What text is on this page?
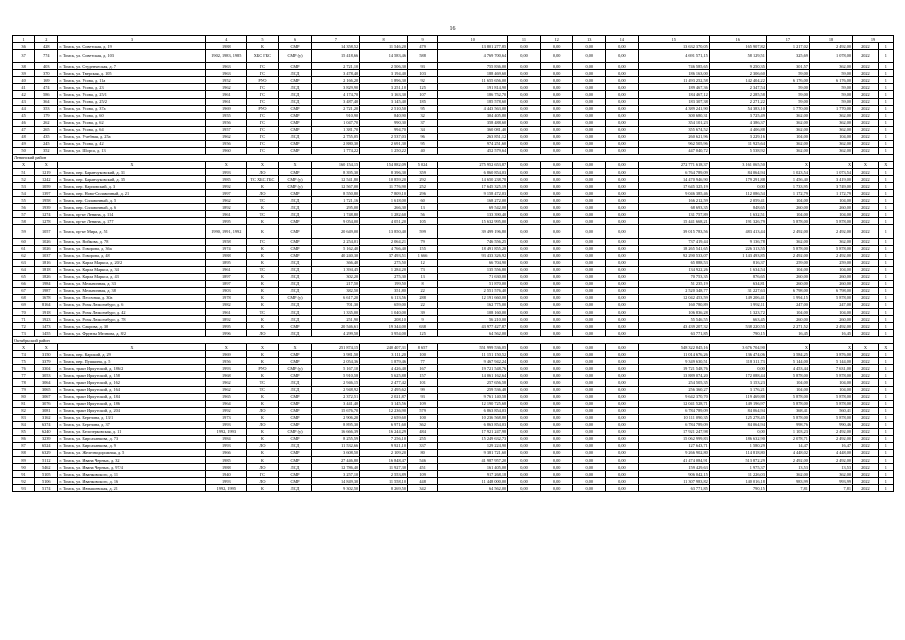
16
1	2	3	4	5	6	7	8	9	10	11	12	13	14	15	16	17	18	19	
36	428	г. Томск, ул. Советская, д. 19	1988	К	СМР	14 358,52	11 546,20	479	13 801 277,85	0,00	0,00	0,00	0,00	13 632 370,05	165 907,82	1 217,02	2 492,00	2022	1
37	774	г. Томск, ул. Советская, д. 103	1902, 1983, 1985	ХБС ГБС	СМР (у)	15 418,66	14 583,46	588	4 769 700,64	0,00	0,00	0,00	0,00	4 691 571,15	58 129,51	325,69	1 078,00	2022	1
38	403	г. Томск, ул. Студенческая, д. 7	1963	ГС	СМР	2 721,10	2 506,30	93	755 836,00	0,00	0,00	0,00	0,00	746 585,65	9 250,35	301,57	362,00	2022	1
39	370	г. Томск, ул. Тверская, д. 105	1963	ГС	ЛСД	3 478,40	3 194,40	103	188 469,60	0,00	0,00	0,00	0,00	186 163,00	2 306,60	59,00	59,00	2022	1
40	169	г. Томск, ул. Усова, д. 11а	1952	РУО	СМР	2 166,20	1 896,30	92	11 655 656,00	0,00	0,00	0,00	0,00	11 493 252,58	142 404,22	6 176,00	6 176,00	2022	1
41	474	г. Томск, ул. Усова, д. 23	1962	ГС	ЛСД	3 829,90	3 251,10	125	191 814,90	0,00	0,00	0,00	0,00	189 467,36	2 347,54	59,00	59,00	2022	1
42	586	г. Томск, ул. Усова, д. 25/1	1961	ГС	ЛСД	4 174,70	3 163,30	107	186 752,70	0,00	0,00	0,00	0,00	184 467,12	2 285,58	59,00	59,00	2022	1
43	364	г. Томск, ул. Усова, д. 25/2	1961	ГС	ЛСД	3 487,40	3 145,40	185	185 578,60	0,00	0,00	0,00	0,00	183 307,38	2 271,22	59,00	59,00	2022	1
44	353	г. Томск, ул. Усова, д. 37а	1969	РУО	СМР	2 721,20	2 510,50	95	4 443 563,00	0,00	0,00	0,00	0,00	4 389 241,90	54 383,10	1 770,00	1 770,00	2022	1
45	179	г. Томск, ул. Усова, д. 60	1955	ГС	СМР	910,90	840,90	32	304 405,80	0,00	0,00	0,00	0,00	300 680,31	3 725,49	362,00	362,00	2022	1
46	262	г. Томск, ул. Усова, д. 62	1956	ГС	СМР	1 047,70	990,30	37	358 488,60	0,00	0,00	0,00	0,00	354 101,23	4 386,37	362,00	362,00	2022	1
47	265	г. Томск, ул. Усова, д. 64	1957	ГС	СМР	1 381,70	994,70	34	360 081,40	0,00	0,00	0,00	0,00	355 674,52	4 406,88	362,00	362,00	2022	1
48	435	г. Томск, ул. Учебная, д. 25а	1962	ГС	ЛСД	2 755,05	2 537,03	96	263 851,12	0,00	0,00	0,00	0,00	260 621,96	3 229,16	104,00	104,00	2022	1
49	245	г. Томск, ул. Усова, д. 42	1956	ГС	СМР	2 880,30	2 691,30	95	974 251,60	0,00	0,00	0,00	0,00	962 505,96	11 925,64	362,00	362,00	2022	1
50	352	г. Томск, ул. Шорса, д. 13	1960	ГС	СМР	1 774,22	1 250,22	40	452 579,64	0,00	0,00	0,00	0,00	447 040,72	5 538,92	362,00	362,00	2022	1
Ленинский район																			
Х	Х	Х	Х	Х	Х	160 154,15	154 882,09	5 024	275 952 653,87	0,00	0,00	0,00	0,00	272 771 618,37	3 161 065,50	Х	Х	Х	Х
51	1219	г. Томск, пер. Баранчуковский, д. 31	1993	ЛО	СМР	8 395,30	8 396,30	359	6 860 854,03	0,00	0,00	0,00	0,00	6 764 789,09	84 064,94	1 023,54	1 073,54	2022	1
52	1242	г. Томск, пер. Баранчуковский, д. 35	1985	ТС ХБС ГБС	СМР (у)	12 541,80	10 859,20	292	14 650 238,78	0,00	0,00	0,00	0,00	14 470 946,90	179 291,88	1 456,40	3 419,00	2022	1
53	1059	г. Томск, пер. Карповский, д. 3	1992	К	СМР (у)	12 567,00	11 776,90	252	17 645 325,19	0,00	0,00	0,00	0,00	17 645 325,19	0,00	1 733,95	3 749,00	2022	1
54	1397	г. Томск, пер. Ново-Сплавочный, д. 21	1997	ЛО	СМР	8 550,80	7 809,10	296	9 158 472,03	0,00	0,00	0,00	0,00	9 046 385,46	112 086,54	1 172,79	1 172,79	2022	1
55	1958	г. Томск, пер. Сплавочный, д. 5	1962	ТС	ЛСД	1 721,16	1 618,00	60	168 272,00	0,00	0,00	0,00	0,00	166 212,59	2 059,41	104,00	104,00	2022	1
56	1939	г. Томск, пер. Сплавочный, д. 6	1892	К	ЛСД	295,00	266,30	13	69 542,00	0,00	0,00	0,00	0,00	68 693,35	848,65	260,00	260,00	2022	1
57	1274	г. Томск, пр-кт Ленина, д. 114	1961	ТС	ЛСД	1 748,80	1 282,60	56	133 390,40	0,00	0,00	0,00	0,00	131 757,89	1 632,51	104,00	104,00	2022	1
58	1278	г. Томск, пр-кт Ленина, д. 177	1995	К	СМР	9 054,00	4 051,20	105	15 632 995,00	0,00	0,00	0,00	0,00	15 441 668,21	191 326,79	5 878,00	5 878,00	2022	1
59	1057	г. Томск, пр-кт Мира, д. 51	1990, 1991, 1992	К	СМР	20 649,00	13 850,40	599	39 499 196,80	0,00	0,00	0,00	0,00	39 015 783,56	483 413,44	2 492,00	2 492,00	2022	1
60	1026	г. Томск, ул. Войкова, д. 78	1958	ГС	СМР	2 254,01	2 064,21	79	746 556,25	0,00	0,00	0,00	0,00	737 419,44	9 136,78	362,00	362,00	2022	1
61	1026	г. Томск, ул. Говорова, д. 36а	1974	К	СМР	5 162,40	4 766,40	155	18 491 855,20	0,00	0,00	0,00	0,00	18 265 541,65	226 313,55	5 878,00	5 878,00	2022	1
62	1037	г. Томск, ул. Говорова, д. 48	1988	К	СМР	40 240,30	37 493,51	1 666	93 433 326,92	0,00	0,00	0,00	0,00	92 290 533,07	1 143 493,85	2 492,00	2 492,00	2022	1
63	1816	г. Томск, ул. Карла Маркса, д. 20/2	1895	К	ЛСД	366,40	275,50	12	66 704,90	0,00	0,00	0,00	0,00	65 888,53	816,37	259,00	259,00	2022	1
64	1818	г. Томск, ул. Карла Маркса, д. 34	1961	ТС	ЛСД	1 394,45	1 284,20	73	135 556,80	0,00	0,00	0,00	0,00	134 922,26	1 634,54	104,00	104,00	2022	1
65	1826	г. Томск, ул. Карла Маркса, д. 43	1897	К	ЛСД	302,20	275,30	13	71 630,00	0,00	0,00	0,00	0,00	70 753,35	876,65	260,00	260,00	2022	1
66	1984	г. Томск, ул. Мельничная, д. 33	1897	К	ЛСД	217,50	199,50	8	51 870,00	0,00	0,00	0,00	0,00	51 235,19	634,81	260,00	260,00	2022	1
67	1987	г. Томск, ул. Мельничная, д. 38	1903	К	ЛСД	382,50	351,80	22	2 551 576,40	0,00	0,00	0,00	0,00	2 520 348,77	31 227,63	6 798,00	6 798,00	2022	1
68	1678	г. Томск, ул. Песочная, д. 30а	1978	К	СМР (у)	6 617,20	6 113,56	288	12 191 660,00	0,00	0,00	0,00	0,00	12 042 453,59	149 206,41	1 994,15	5 878,00	2022	1
69	8164	г. Томск, ул. Розы Люксембург, д. 6	1982	К	ЛСД	701,30	659,00	22	162 775,00	0,00	0,00	0,00	0,00	160 780,89	1 992,11	247,00	247,00	2022	1
70	1918	г. Томск, ул. Розы Люксембург, д. 42	1961	ТС	ЛСД	1 335,00	1 040,00	39	108 160,00	0,00	0,00	0,00	0,00	106 836,28	1 323,72	104,00	104,00	2022	1
71	1923	г. Томск, ул. Розы Люксембург, д. 78	1892	К	ЛСД	251,90	208,10	9	56 210,00	0,00	0,00	0,00	0,00	55 546,55	663,45	260,00	260,00	2022	1
72	1473	г. Томск, ул. Сакрова, д. 30	1995	К	СМР	20 546,61	19 344,00	638	43 977 427,87	0,00	0,00	0,00	0,00	43 439 207,32	538 220,55	2 271,52	2 492,00	2022	1
73	1455	г. Томск, ул. Фрунзы Мелнова, д. 8/2	1996	ЛО	ЛСД	4 299,50	3 954,00	125	64 562,00	0,00	0,00	0,00	0,00	63 771,85	790,15	16,45	16,45	2022	1
Октябрьский район																			
Х	Х	Х	Х	Х	Х	251 874,15	240 407,31	8 657	551 999 536,05	0,00	0,00	0,00	0,00	548 322 845,16	3 676 704,90	Х	Х	Х	Х
74	3150	г. Томск, пер. Карский, д. 29	1969	К	СМР	3 981,50	3 111,20	100	11 151 150,52	0,00	0,00	0,00	0,00	11 014 676,26	136 474,06	3 584,25	3 876,00	2022	1
75	3379	г. Томск, пер. Пушкина, д. 5	1956	К	СМР	2 054,36	1 879,46	77	9 467 942,24	0,00	0,00	0,00	0,00	9 349 630,51	118 311,73	5 144,00	5 144,00	2022	1
76	3304	г. Томск, тракт Иркутский, д. 186/2	1993	РУО	СМР (у)	5 167,10	4 426,40	167	19 721 548,76	0,00	0,00	0,00	0,00	19 721 548,76	0,00	4 453,44	7 631,00	2022	1
77	3053	г. Томск, тракт Иркутский, д. 158	1968	К	СМР	5 910,58	5 625,88	157	14 061 162,64	0,00	0,00	0,00	0,00	13 889 074,20	172 088,44	5 878,00	5 878,00	2022	1
78	3064	г. Томск, тракт Иркутский, д. 162	1962	ТС	ЛСД	2 946,15	2 477,42	101	257 656,58	0,00	0,00	0,00	0,00	254 505,35	3 153,23	104,00	104,00	2022	1
79	3065	г. Томск, тракт Иркутский, д. 164	1962	ТС	ЛСД	2 948,92	2 495,62	99	259 536,48	0,00	0,00	0,00	0,00	256 360,27	3 176,21	104,00	104,00	2022	1
80	3067	г. Томск, тракт Иркутский, д. 184	1965	К	СМР	2 372,51	2 021,87	93	9 761 140,58	0,00	0,00	0,00	0,00	9 642 370,70	119 469,88	5 878,00	5 878,00	2022	1
81	3076	г. Томск, тракт Иркутский, д. 186	1964	К	СМР	3 441,40	3 145,56	109	12 190 725,68	0,00	0,00	0,00	0,00	12 041 528,71	149 196,97	5 878,00	5 878,00	2022	1
82	3081	г. Томск, тракт Иркутский, д. 204	1992	ЛО	СМР	15 676,70	12 236,90	579	6 863 854,03	0,00	0,00	0,00	0,00	6 784 789,09	84 064,94	368,41	560,41	2022	1
83	3162	г. Томск, ул. Березина, д. 13/1	1973	К	СМР	2 906,20	2 659,60	100	10 236 568,80	0,00	0,00	0,00	0,00	10 111 090,35	125 278,45	5 878,00	5 878,00	2022	1
84	6374	г. Томск, ул. Березина, д. 37	1993	ЛО	СМР	8 895,30	6 971,60	362	6 863 854,03	0,00	0,00	0,00	0,00	6 784 789,09	84 064,94	998,76	990,46	2022	1
85	6240	г. Томск, ул. Белозерковская, д. 11	1992, 1993	К	СМР (у)	16 666,39	16 244,29	484	17 921 247,98	0,00	0,00	0,00	0,00	17 921 247,98	0,00	1 103,23	2 492,00	2022	1
86	3239	г. Томск, ул. Бирсаханкова, д. 73	1984	К	СМР	8 255,59	7 256,10	255	15 249 632,73	0,00	0,00	0,00	0,00	15 062 999,83	186 632,90	2 078,71	2 492,00	2022	1
87	6524	г. Томск, ул. Бирсаханкова, д. 9	1993	ЛО	ЛСД	11 532,66	9 921,10	337	129 224,90	0,00	0,00	0,00	0,00	127 643,71	1 580,29	14,47	16,47	2022	1
88	6329	г. Томск, ул. Железнодорожная, д. 5	1966	К	СМР	3 608,50	2 109,20	80	9 381 721,60	0,00	0,00	0,00	0,00	9 266 902,80	114 818,80	4 448,02	4 448,00	2022	1
89	5112	г. Томск, ул. Ивана Черных, д. 32	1985	К	СМР	27 446,80	16 848,47	546	41 987 957,20	0,00	0,00	0,00	0,00	41 474 084,91	513 872,29	2 492,00	2 492,00	2022	1
90	5462	г. Томск, ул. Ивана Черных, д. 97/4	1988	ЛО	ЛСД	12 786,40	11 927,30	451	161 405,00	0,00	0,00	0,00	0,00	159 429,63	1 975,37	13,53	13,53	2022	1
91	5105	г. Томск, ул. Иванковского, д. 11	1940	ГС	СМР	3 257,10	2 553,89	109	917 268,18	0,00	0,00	0,00	0,00	906 042,15	11 226,03	362,00	362,00	2022	1
92	5106	г. Томск, ул. Иванковского, д. 16	1993	ЛО	СМР	14 849,30	11 558,10	448	11 448 000,00	0,00	0,00	0,00	0,00	11 307 983,82	140 016,18	983,99	993,99	2022	1
93	5174	г. Томск, ул. Ивтышевская, д. 21	1992, 1995	К	ЛСД	9 302,50	8 269,50	342	64 562,00	0,00	0,00	0,00	0,00	63 771,85	790,15	7,81	7,81	2022	1
